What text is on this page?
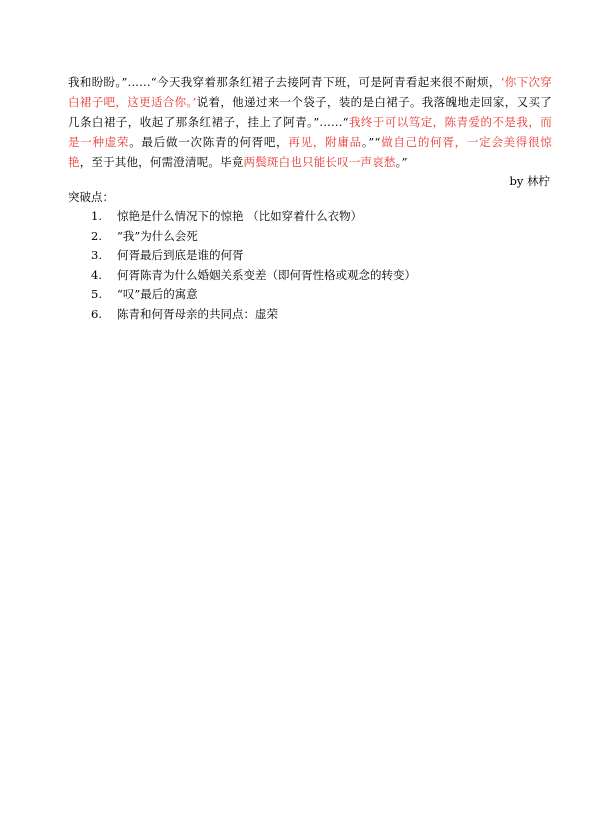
我和盼盼。”......“今天我穿着那条红裙子去接阿青下班，可是阿青看起来很不耐烦，‘你下次穿白裙子吧，这更适合你。’说着，他递过来一个袋子，装的是白裙子。我落魄地走回家，又买了几条白裙子，收起了那条红裙子，挂上了阿青。”......“我终于可以笃定，陈青爱的不是我，而是一种虚荣。最后做一次陈青的何胥吧，再见，附庸品。”“做自己的何胥，一定会美得很惊艳，至于其他，何需澄清呢。毕竟两鬓斑白也只能长叹一声哀愁。”

by 林柠
突破点：
1. 惊艳是什么情况下的惊艳 （比如穿着什么衣物）
2. “我”为什么会死
3. 何胥最后到底是谁的何胥
4. 何胥陈青为什么婚姻关系变差（即何胥性格或观念的转变）
5. “叹”最后的寓意
6. 陈青和何胥母亲的共同点：虚荣
